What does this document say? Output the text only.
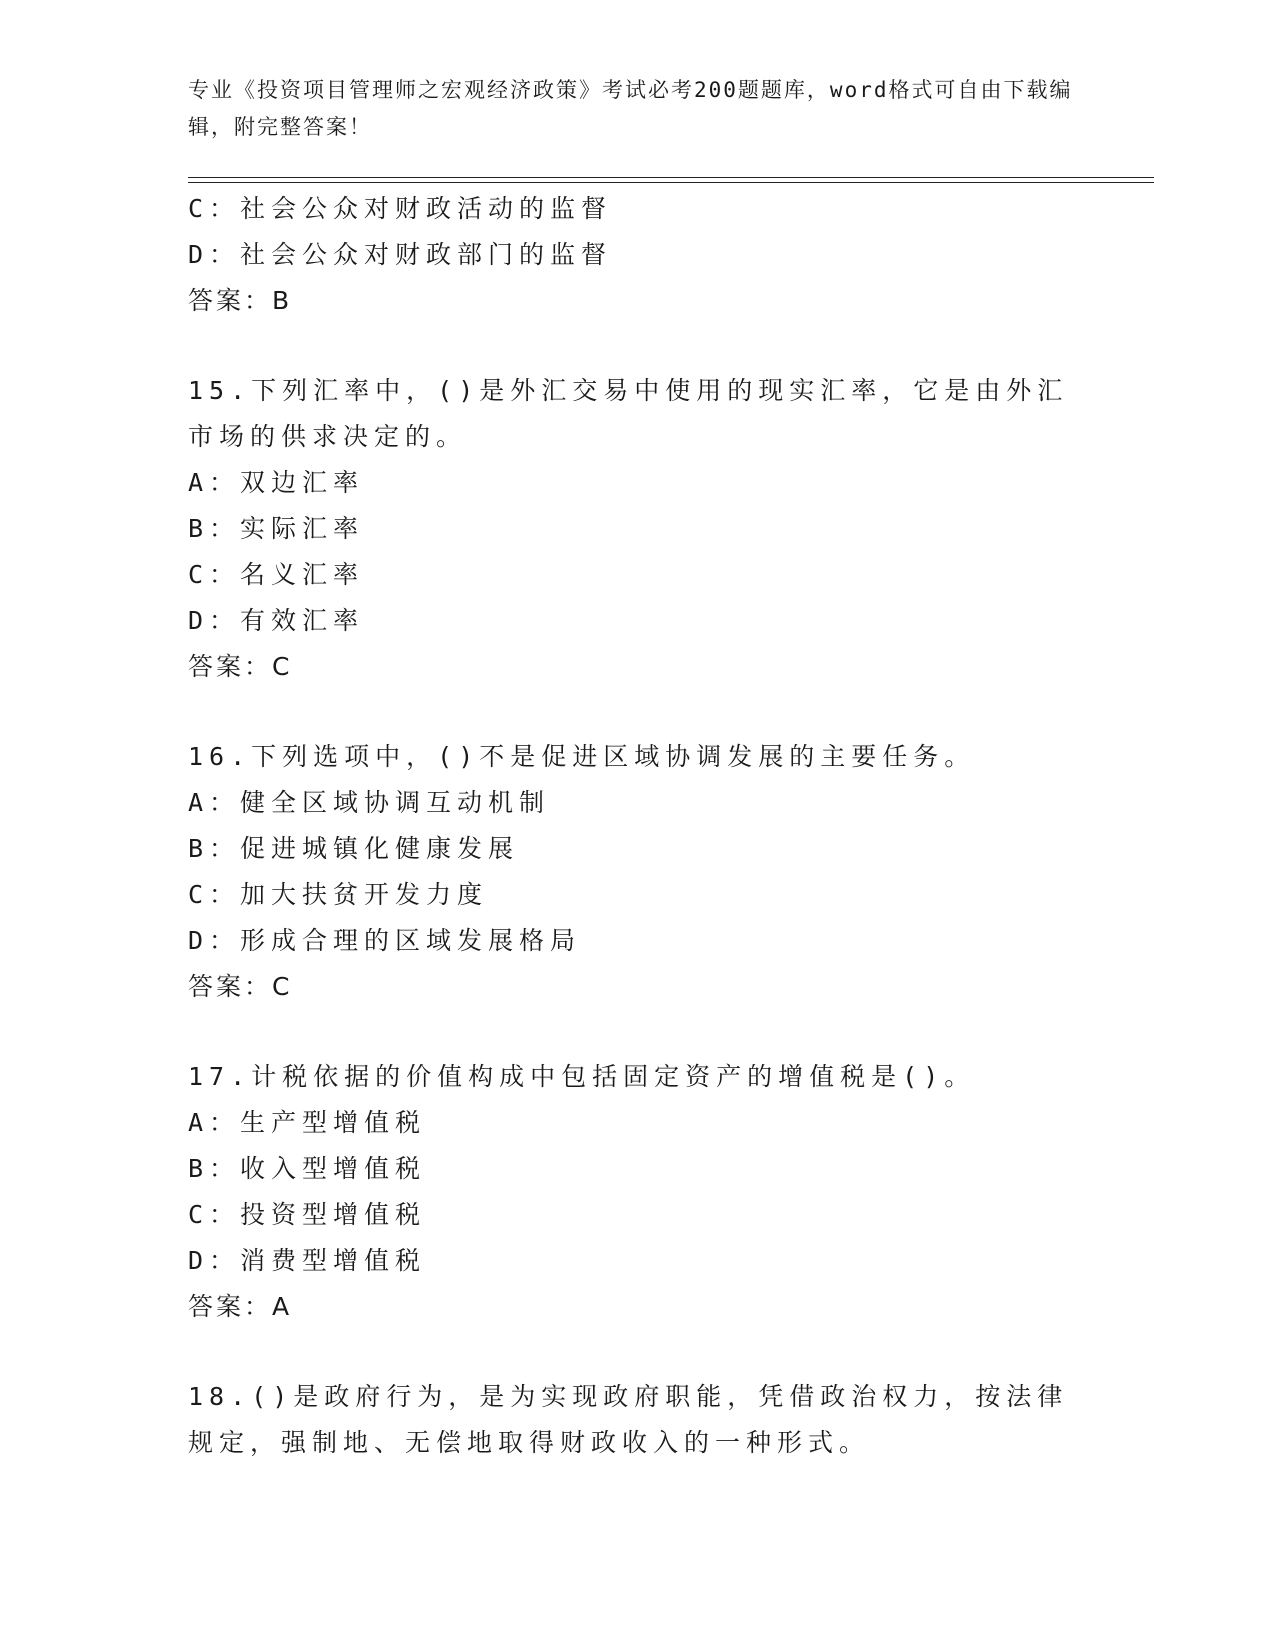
专业《投资项目管理师之宏观经济政策》考试必考200题题库，word格式可自由下载编辑，附完整答案！
C：社会公众对财政活动的监督
D：社会公众对财政部门的监督
答案：B
15.下列汇率中，()是外汇交易中使用的现实汇率，它是由外汇市场的供求决定的。
A：双边汇率
B：实际汇率
C：名义汇率
D：有效汇率
答案：C
16.下列选项中，()不是促进区域协调发展的主要任务。
A：健全区域协调互动机制
B：促进城镇化健康发展
C：加大扶贫开发力度
D：形成合理的区域发展格局
答案：C
17.计税依据的价值构成中包括固定资产的增值税是()。
A：生产型增值税
B：收入型增值税
C：投资型增值税
D：消费型增值税
答案：A
18.()是政府行为，是为实现政府职能，凭借政治权力，按法律规定，强制地、无偿地取得财政收入的一种形式。
